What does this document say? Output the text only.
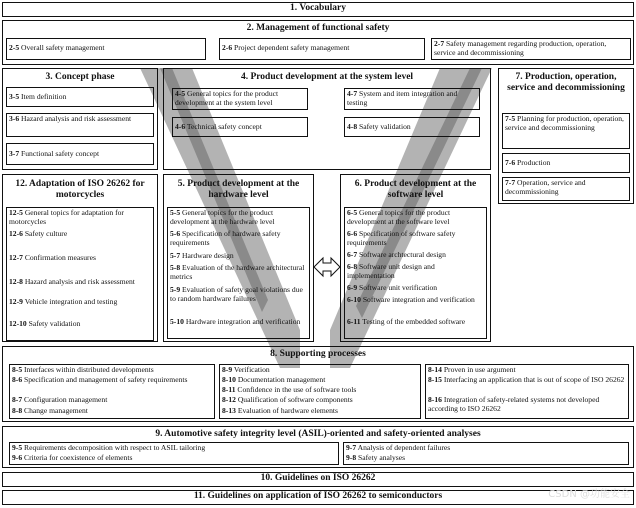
1. Vocabulary
2. Management of functional safety
2-5 Overall safety management	2-6 Project dependent safety management	2-7 Safety management regarding production, operation, service and decommissioning
3. Concept phase
3-5 Item definition
3-6 Hazard analysis and risk assessment
3-7 Functional safety concept
4. Product development at the system level
4-5 General topics for the product development at the system level
4-6 Technical safety concept
4-7 System and item integration and testing
4-8 Safety validation
7. Production, operation, service and decommissioning
7-5 Planning for production, operation, service and decommissioning
7-6 Production
7-7 Operation, service and decommissioning
12. Adaptation of ISO 26262 for motorcycles
12-5 General topics for adaptation for motorcycles
12-6 Safety culture
12-7 Confirmation measures
12-8 Hazard analysis and risk assessment
12-9 Vehicle integration and testing
12-10 Safety validation
5. Product development at the hardware level
5-5 General topics for the product development at the hardware level
5-6 Specification of hardware safety requirements
5-7 Hardware design
5-8 Evaluation of the hardware architectural metrics
5-9 Evaluation of safety goal violations due to random hardware failures
5-10 Hardware integration and verification
6. Product development at the software level
6-5 General topics for the product development at the software level
6-6 Specification of software safety requirements
6-7 Software archtectural design
6-8 Software unit design and implementation
6-9 Software unit verification
6-10 Software integration and verification
6-11 Testing of the embedded software
8. Supporting processes
8-5 Interfaces within distributed developments
8-6 Specification and management of safety requirements
8-7 Configuration management
8-8 Change management
8-9 Verification
8-10 Documentation management
8-11 Confidence in the use of software tools
8-12 Qualification of software components
8-13 Evaluation of hardware elements
8-14 Proven in use argument
8-15 Interfacing an application that is out of scope of ISO 26262
8-16 Integration of safety-related systems not developed according to ISO 26262
9. Automotive safety integrity level (ASIL)-oriented and safety-oriented analyses
9-5 Requirements decomposition with respect to ASIL tailoring
9-6 Criteria for coexistence of elements
9-7 Analysis of dependent failures
9-8 Safety analyses
10. Guidelines on ISO 26262
11. Guidelines on application of ISO 26262 to semiconductors	CSDN @功能安全
